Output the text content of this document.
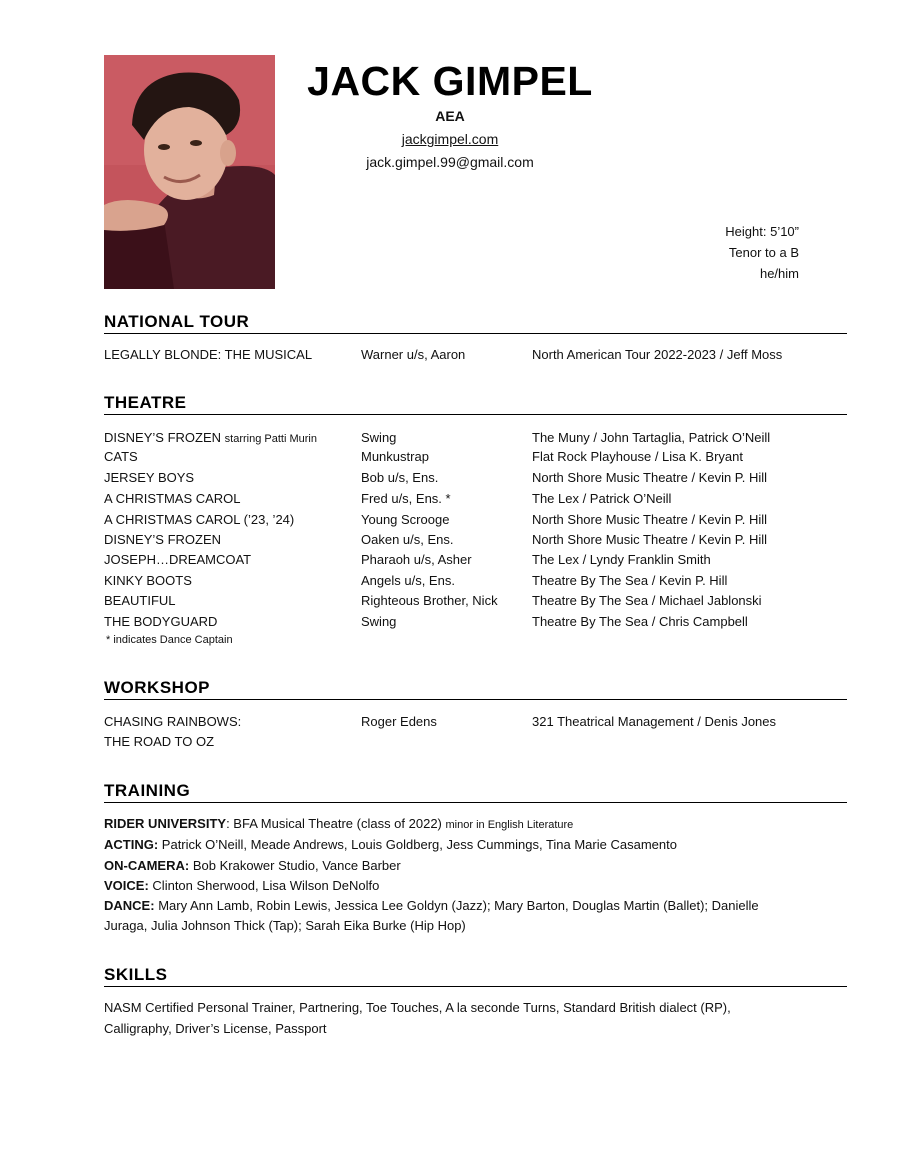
JACK GIMPEL
AEA
jackgimpel.com
jack.gimpel.99@gmail.com
Height: 5’10”
Tenor to a B
he/him
NATIONAL TOUR
LEGALLY BLONDE: THE MUSICAL	Warner u/s, Aaron	North American Tour 2022-2023 / Jeff Moss
THEATRE
DISNEY’S FROZEN starring Patti Murin	Swing	The Muny / John Tartaglia, Patrick O’Neill
CATS	Munkustrap	Flat Rock Playhouse / Lisa K. Bryant
JERSEY BOYS	Bob u/s, Ens.	North Shore Music Theatre / Kevin P. Hill
A CHRISTMAS CAROL	Fred u/s, Ens. *	The Lex / Patrick O’Neill
A CHRISTMAS CAROL (’23, ’24)	Young Scrooge	North Shore Music Theatre / Kevin P. Hill
DISNEY’S FROZEN	Oaken u/s, Ens.	North Shore Music Theatre / Kevin P. Hill
JOSEPH…DREAMCOAT	Pharaoh u/s, Asher	The Lex / Lyndy Franklin Smith
KINKY BOOTS	Angels u/s, Ens.	Theatre By The Sea / Kevin P. Hill
BEAUTIFUL	Righteous Brother, Nick	Theatre By The Sea / Michael Jablonski
THE BODYGUARD	Swing	Theatre By The Sea / Chris Campbell
* indicates Dance Captain
WORKSHOP
CHASING RAINBOWS:
THE ROAD TO OZ
Roger Edens	321 Theatrical Management / Denis Jones
TRAINING
RIDER UNIVERSITY: BFA Musical Theatre (class of 2022) minor in English Literature
ACTING: Patrick O’Neill, Meade Andrews, Louis Goldberg, Jess Cummings, Tina Marie Casamento
ON-CAMERA: Bob Krakower Studio, Vance Barber
VOICE: Clinton Sherwood, Lisa Wilson DeNolfo
DANCE: Mary Ann Lamb, Robin Lewis, Jessica Lee Goldyn (Jazz); Mary Barton, Douglas Martin (Ballet); Danielle
Juraga, Julia Johnson Thick (Tap); Sarah Eika Burke (Hip Hop)
SKILLS
NASM Certified Personal Trainer, Partnering, Toe Touches, A la seconde Turns, Standard British dialect (RP),
Calligraphy, Driver’s License, Passport
